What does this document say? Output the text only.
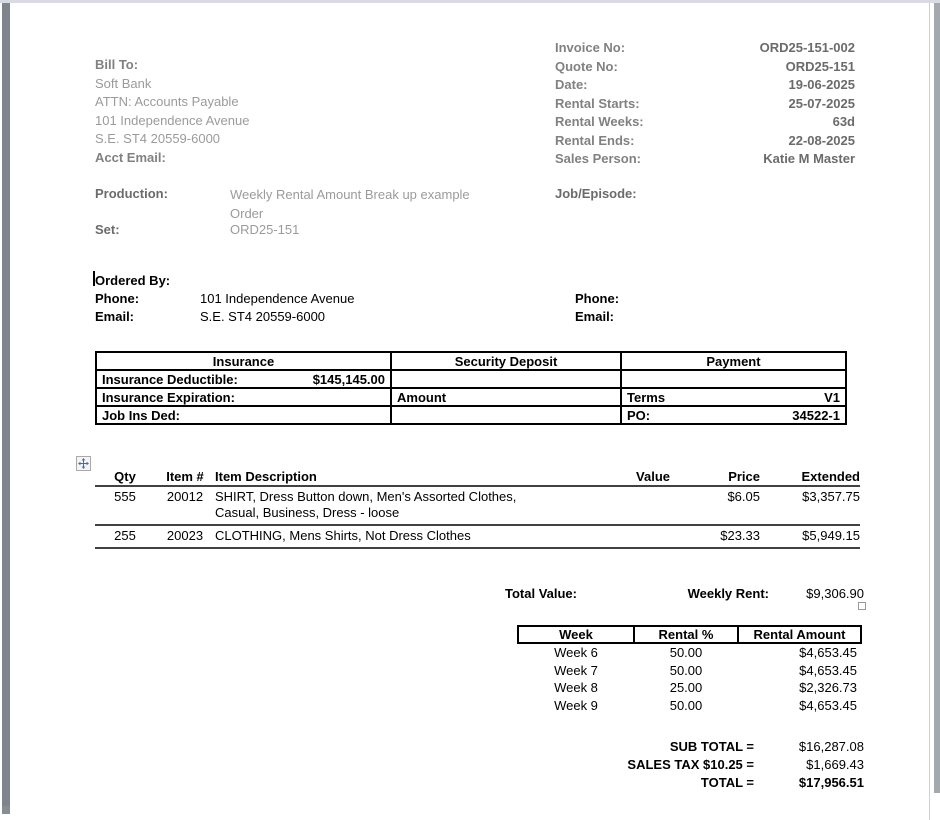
Bill To:
Soft Bank
ATTN: Accounts Payable
101 Independence Avenue
S.E. ST4 20559-6000
Acct Email:
Invoice No:	ORD25-151-002
Quote No:	ORD25-151
Date:	19-06-2025
Rental Starts:	25-07-2025
Rental Weeks:	63d
Rental Ends:	22-08-2025
Sales Person:	Katie M Master
Production:	Weekly Rental Amount Break up example Order
Job/Episode:
Set:	ORD25-151
Ordered By:
Phone:	101 Independence Avenue	Phone:
Email:	S.E. ST4 20559-6000	Email:
Insurance	Security Deposit	Payment

Insurance Deductible: $145,145.00		

Insurance Expiration:	Amount	Terms V1

Job Ins Ded:		PO: 34522-1
Qty	Item #	Item Description	Value	Price	Extended
555	20012	SHIRT, Dress Button down, Men's Assorted Clothes, Casual, Business, Dress - loose		$6.05	$3,357.75
255	20023	CLOTHING, Mens Shirts, Not Dress Clothes		$23.33	$5,949.15
Total Value:	Weekly Rent:	$9,306.90
Week	Rental %	Rental Amount
Week 6	50.00	$4,653.45
Week 7	50.00	$4,653.45
Week 8	25.00	$2,326.73
Week 9	50.00	$4,653.45
SUB TOTAL =	$16,287.08
SALES TAX $10.25 =	$1,669.43
TOTAL =	$17,956.51
